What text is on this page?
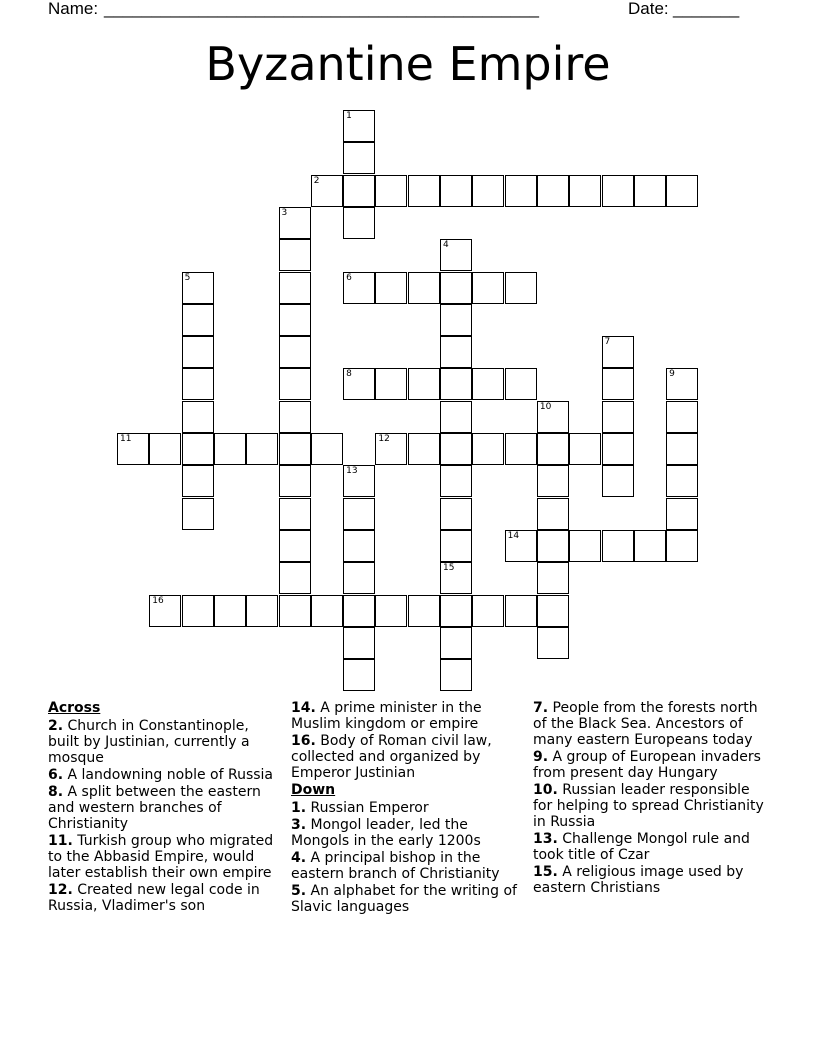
Name: ______________________________________________	Date: _______
Byzantine Empire
1
2
3
4
5	6
7
8	9
10
11	12
13
14
15
16
Across
2. Church in Constantinople, built by Justinian, currently a mosque
6. A landowning noble of Russia
8. A split between the eastern and western branches of Christianity
11. Turkish group who migrated to the Abbasid Empire, would later establish their own empire
12. Created new legal code in Russia, Vladimer's son
14. A prime minister in the Muslim kingdom or empire
16. Body of Roman civil law, collected and organized by Emperor Justinian
Down
1. Russian Emperor
3. Mongol leader, led the Mongols in the early 1200s
4. A principal bishop in the eastern branch of Christianity
5. An alphabet for the writing of Slavic languages
7. People from the forests north of the Black Sea. Ancestors of many eastern Europeans today
9. A group of European invaders from present day Hungary
10. Russian leader responsible for helping to spread Christianity in Russia
13. Challenge Mongol rule and took title of Czar
15. A religious image used by eastern Christians
